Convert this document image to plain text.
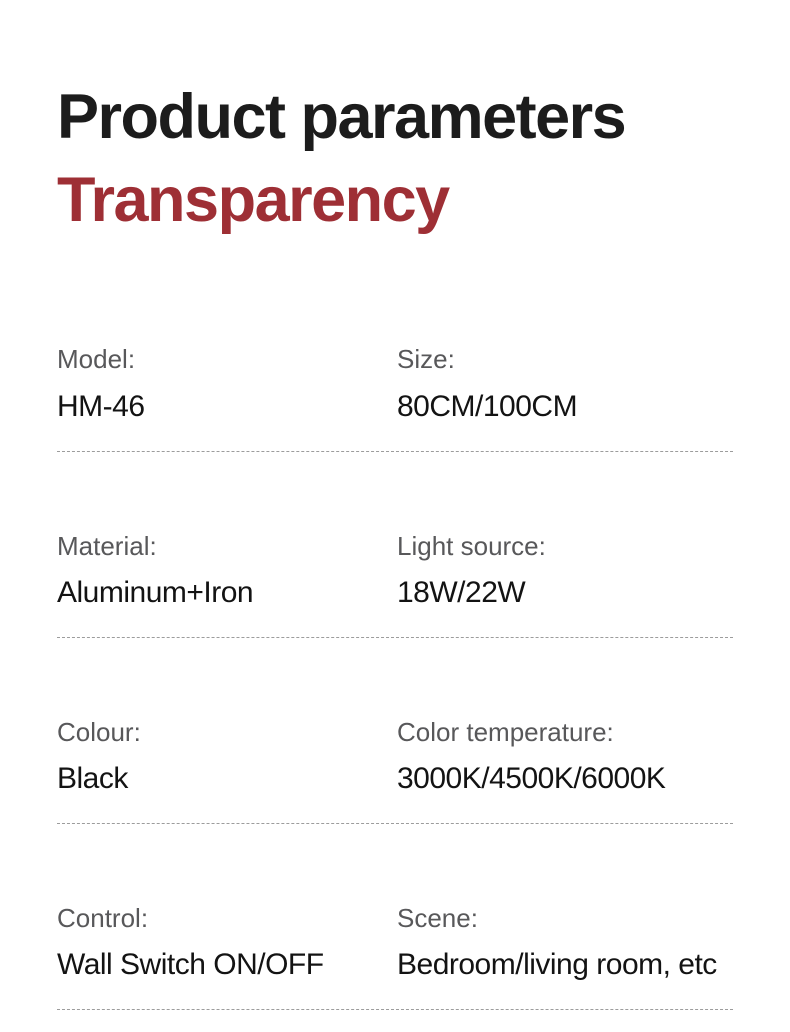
Product parameters
Transparency
Model:
HM-46
Size:
80CM/100CM
Material:
Aluminum+Iron
Light source:
18W/22W
Colour:
Black
Color temperature:
3000K/4500K/6000K
Control:
Wall Switch ON/OFF
Scene:
Bedroom/living room, etc
